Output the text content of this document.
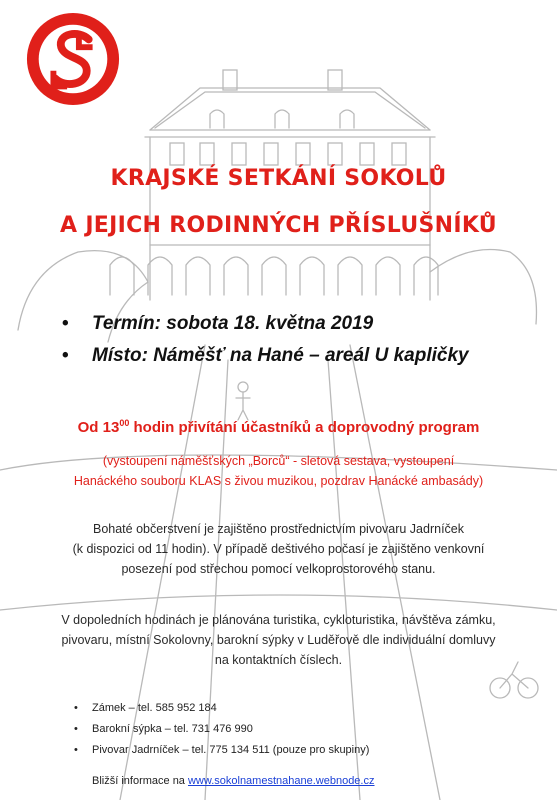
KRAJSKÉ SETKÁNÍ SOKOLŮ
A JEJICH RODINNÝCH PŘÍSLUŠNÍKŮ
• Termín: sobota 18. května 2019
• Místo: Náměšť na Hané – areál U kapličky
Od $13^{00}$ hodin přivítání účastníků a doprovodný program
(vystoupení náměšťských „Borců“ - sletová sestava, vystoupení
Hanáckého souboru KLAS s živou muzikou, pozdrav Hanácké ambasády)
Bohaté občerstvení je zajištěno prostřednictvím pivovaru Jadrníček
(k dispozici od 11 hodin). V případě deštivého počasí je zajištěno venkovní
posezení pod střechou pomocí velkoprostorového stanu.
V dopoledních hodinách je plánována turistika, cykloturistika, návštěva zámku,
pivovaru, místní Sokolovny, barokní sýpky v Luděřově dle individuální domluvy
na kontaktních číslech.
• Zámek – tel. 585 952 184
• Barokní sýpka – tel. 731 476 990
• Pivovar Jadrníček – tel. 775 134 511 (pouze pro skupiny)
Bližší informace na www.sokolnamestnahane.webnode.cz
